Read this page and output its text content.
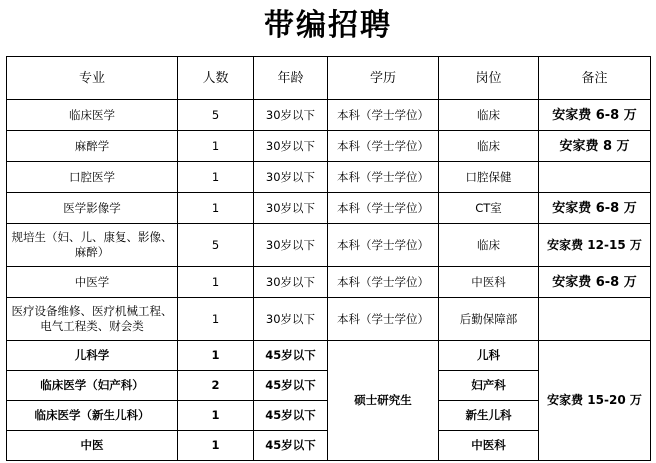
带编招聘
专业	人数	年龄	学历	岗位	备注
临床医学	5	30岁以下	本科（学士学位）	临床	安家费 6-8 万
麻醉学	1	30岁以下	本科（学士学位）	临床	安家费 8 万
口腔医学	1	30岁以下	本科（学士学位）	口腔保健	
医学影像学	1	30岁以下	本科（学士学位）	CT室	安家费 6-8 万
规培生（妇、儿、康复、影像、麻醉）	5	30岁以下	本科（学士学位）	临床	安家费 12-15 万
中医学	1	30岁以下	本科（学士学位）	中医科	安家费 6-8 万
医疗设备维修、医疗机械工程、电气工程类、财会类	1	30岁以下	本科（学士学位）	后勤保障部	
儿科学	1	45岁以下	硕士研究生	儿科	安家费 15-20 万
临床医学（妇产科）	2	45岁以下		妇产科	
临床医学（新生儿科）	1	45岁以下		新生儿科	
中医	1	45岁以下		中医科	
